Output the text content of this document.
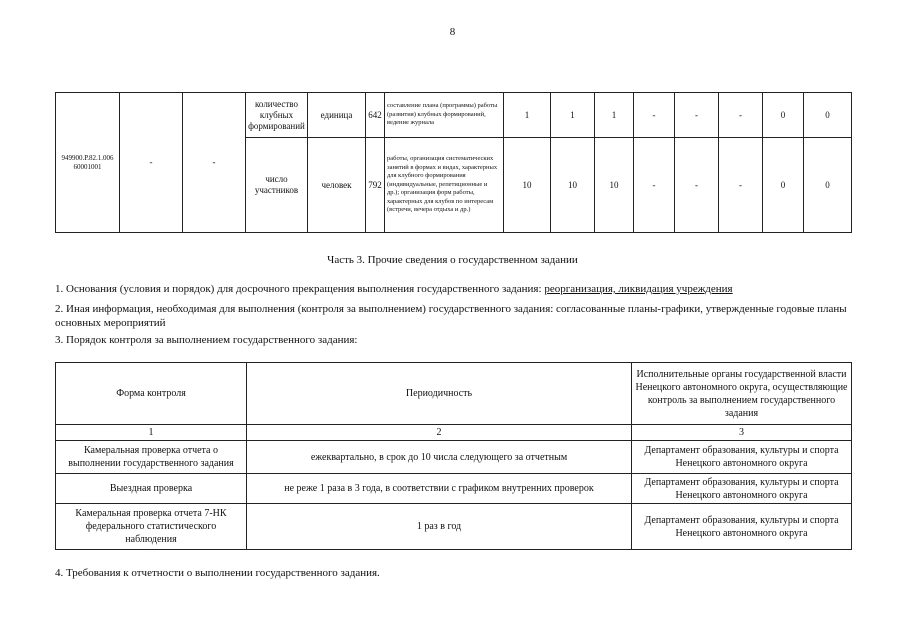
8
949900.Р.82.1.006 60001001	-	-	количество клубных формирований	единица	642	составление плана (программы) работы (развития) клубных формирований, ведение журнала	1	1	1	-	-	-	0	0
			число участников	человек	792	работы, организация систематических занятий в формах и видах, характерных для клубного формирования (индивидуальные, репетиционные и др.); организация форм работы, характерных для клубов по интересам (встречи, вечера отдыха и др.)	10	10	10	-	-	-	0	0
Часть 3. Прочие сведения о государственном задании
1. Основания (условия и порядок) для досрочного прекращения выполнения государственного задания: реорганизация, ликвидация учреждения
2. Иная информация, необходимая для выполнения (контроля за выполнением) государственного задания: согласованные планы-графики, утвержденные годовые планы основных мероприятий
3. Порядок контроля за выполнением государственного задания:
Форма контроля	Периодичность	Исполнительные органы государственной власти Ненецкого автономного округа, осуществляющие контроль за выполнением государственного задания
1	2	3
Камеральная проверка отчета о выполнении государственного задания	ежеквартально, в срок до 10 числа следующего за отчетным	Департамент образования, культуры и спорта Ненецкого автономного округа
Выездная проверка	не реже 1 раза в 3 года, в соответствии с графиком внутренних проверок	Департамент образования, культуры и спорта Ненецкого автономного округа
Камеральная проверка отчета 7-НК федерального статистического наблюдения	1 раз в год	Департамент образования, культуры и спорта Ненецкого автономного округа
4. Требования к отчетности о выполнении государственного задания.
